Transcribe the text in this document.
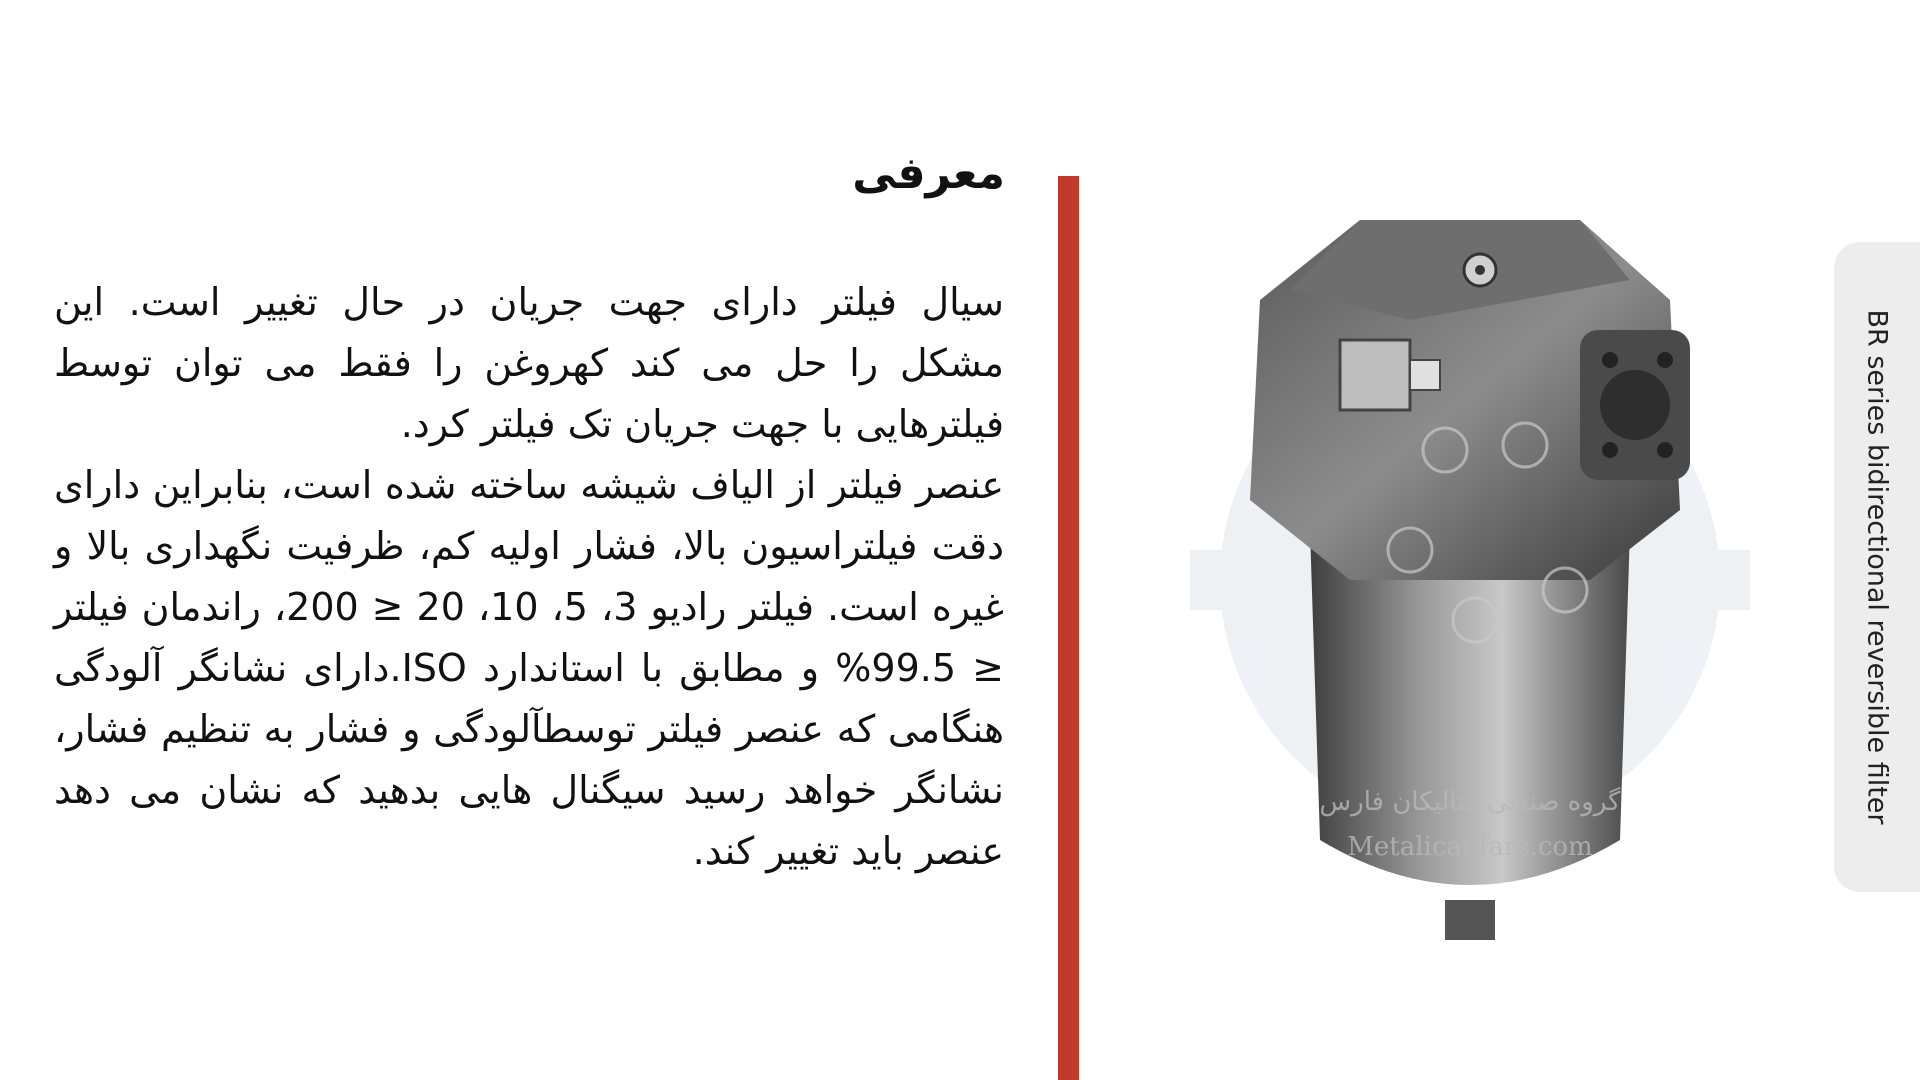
معرفی

سیال فیلتر دارای جهت جریان در حال تغییر است. این مشکل را حل می کند کهروغن را فقط می توان توسط فیلترهایی با جهت جریان تک فیلتر کرد.

عنصر فیلتر از الیاف شیشه ساخته شده است، بنابراین دارای دقت فیلتراسیون بالا، فشار اولیه کم، ظرفیت نگهداری بالا و غیره است. فیلتر رادیو 3، 5، 10، 20 ≤ 200، راندمان فیلتر ≤ 99.5% و مطابق با استاندارد ISO.دارای نشانگر آلودگی هنگامی که عنصر فیلتر توسطآلودگی و فشار به تنظیم فشار، نشانگر خواهد رسید سیگنال هایی بدهید که نشان می دهد عنصر باید تغییر کند.

گروه صنعتی متالیکان فارس
Metalicanfars.com
BR series bidirectional reversible filter
